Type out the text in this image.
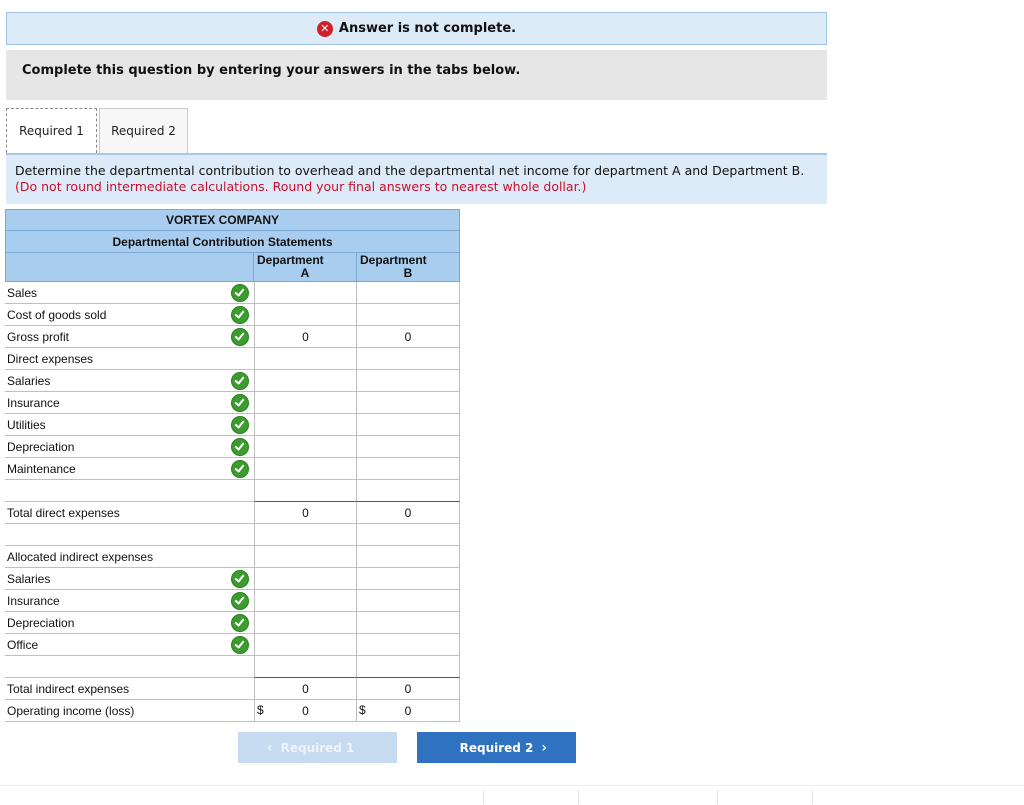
✕ Answer is not complete.
Complete this question by entering your answers in the tabs below.
Required 1	Required 2
Determine the departmental contribution to overhead and the departmental net income for department A and Department B.
(Do not round intermediate calculations. Round your final answers to nearest whole dollar.)
VORTEX COMPANY
Departmental Contribution Statements
Department
A
Department
B
Sales
Cost of goods sold
Gross profit	0	0
Direct expenses
Salaries
Insurance
Utilities
Depreciation
Maintenance
Total direct expenses	0	0
Allocated indirect expenses
Salaries
Insurance
Depreciation
Office
Total indirect expenses	0	0
Operating income (loss)	$	0	$	0
‹ Required 1	Required 2 ›
